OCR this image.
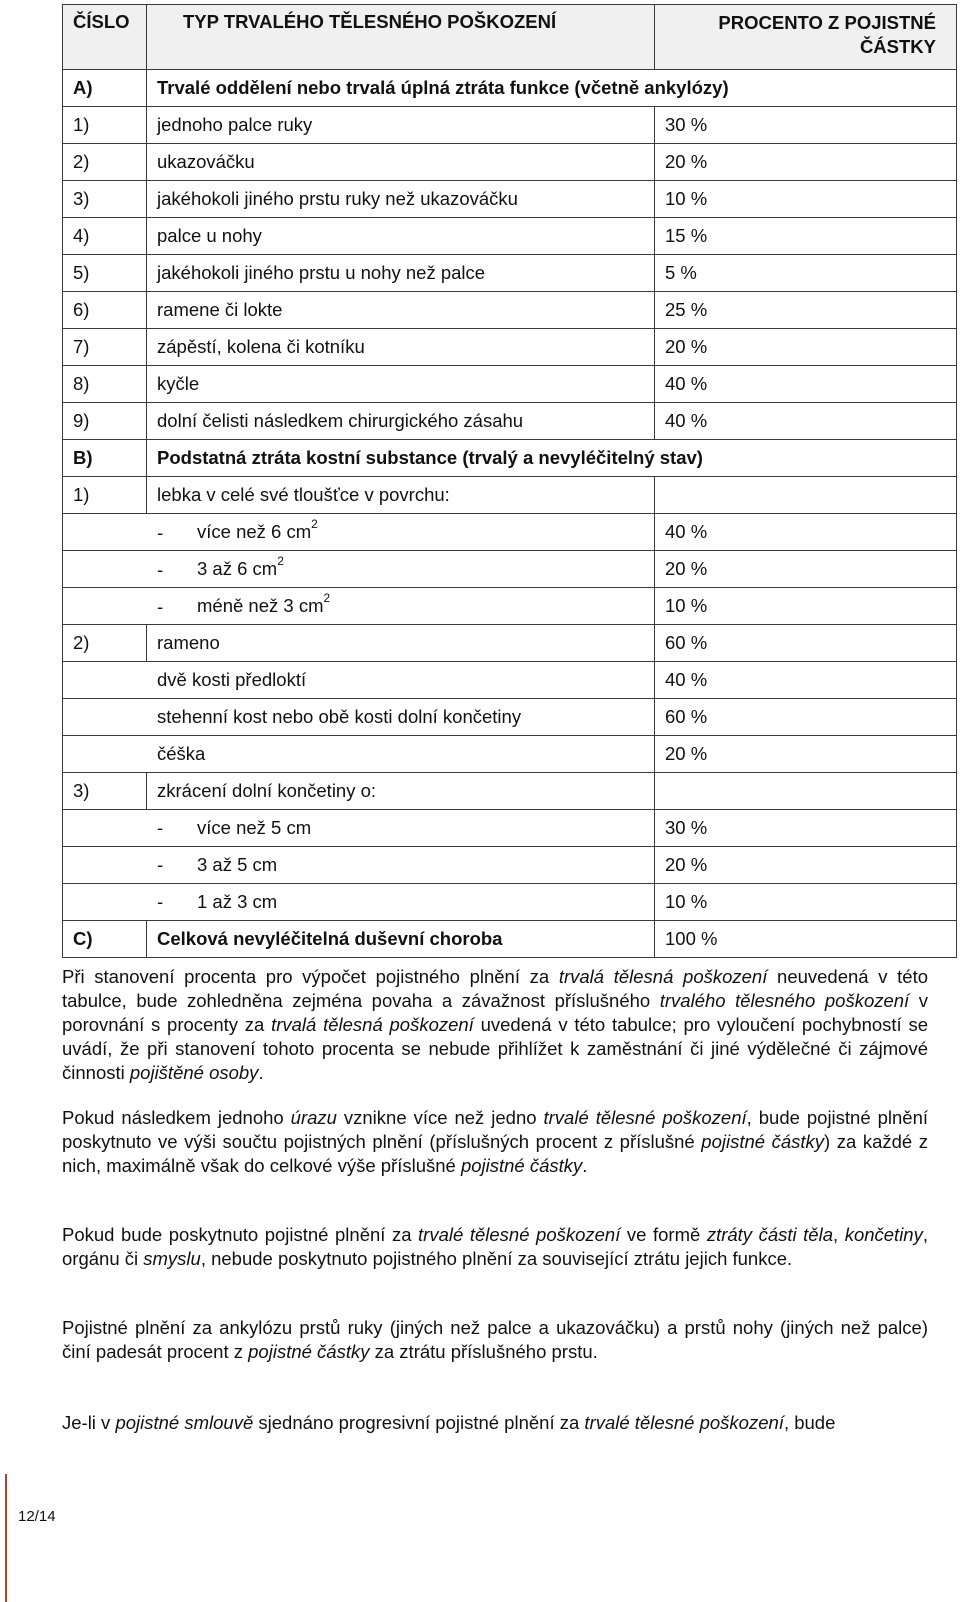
ČÍSLO	TYP TRVALÉHO TĚLESNÉHO POŠKOZENÍ	PROCENTO Z POJISTNÉ ČÁSTKY
A)	Trvalé oddělení nebo trvalá úplná ztráta funkce (včetně ankylózy)	
1)	jednoho palce ruky	30 %
2)	ukazováčku	20 %
3)	jakéhokoli jiného prstu ruky než ukazováčku	10 %
4)	palce u nohy	15 %
5)	jakéhokoli jiného prstu u nohy než palce	5 %
6)	ramene či lokte	25 %
7)	zápěstí, kolena či kotníku	20 %
8)	kyčle	40 %
9)	dolní čelisti následkem chirurgického zásahu	40 %
B)	Podstatná ztráta kostní substance (trvalý a nevyléčitelný stav)	
1)	lebka v celé své tloušťce v povrchu:	
	- více než 6 $cm^2$	40 %
	- 3 až 6 $cm^2$	20 %
	- méně než 3 $cm^2$	10 %
2)	rameno	60 %
	dvě kosti předloktí	40 %
	stehenní kost nebo obě kosti dolní končetiny	60 %
	čéška	20 %
3)	zkrácení dolní končetiny o:	
	- více než 5 cm	30 %
	- 3 až 5 cm	20 %
	- 1 až 3 cm	10 %
C)	Celková nevyléčitelná duševní choroba	100 %

Při stanovení procenta pro výpočet pojistného plnění za trvalá tělesná poškození neuvedená v této tabulce, bude zohledněna zejména povaha a závažnost příslušného trvalého tělesného poškození v porovnání s procenty za trvalá tělesná poškození uvedená v této tabulce; pro vyloučení pochybností se uvádí, že při stanovení tohoto procenta se nebude přihlížet k zaměstnání či jiné výdělečné či zájmové činnosti pojištěné osoby.

Pokud následkem jednoho úrazu vznikne více než jedno trvalé tělesné poškození, bude pojistné plnění poskytnuto ve výši součtu pojistných plnění (příslušných procent z příslušné pojistné částky) za každé z nich, maximálně však do celkové výše příslušné pojistné částky.

Pokud bude poskytnuto pojistné plnění za trvalé tělesné poškození ve formě ztráty části těla, končetiny, orgánu či smyslu, nebude poskytnuto pojistného plnění za související ztrátu jejich funkce.

Pojistné plnění za ankylózu prstů ruky (jiných než palce a ukazováčku) a prstů nohy (jiných než palce) činí padesát procent z pojistné částky za ztrátu příslušného prstu.

Je-li v pojistné smlouvě sjednáno progresivní pojistné plnění za trvalé tělesné poškození, bude

12/14
